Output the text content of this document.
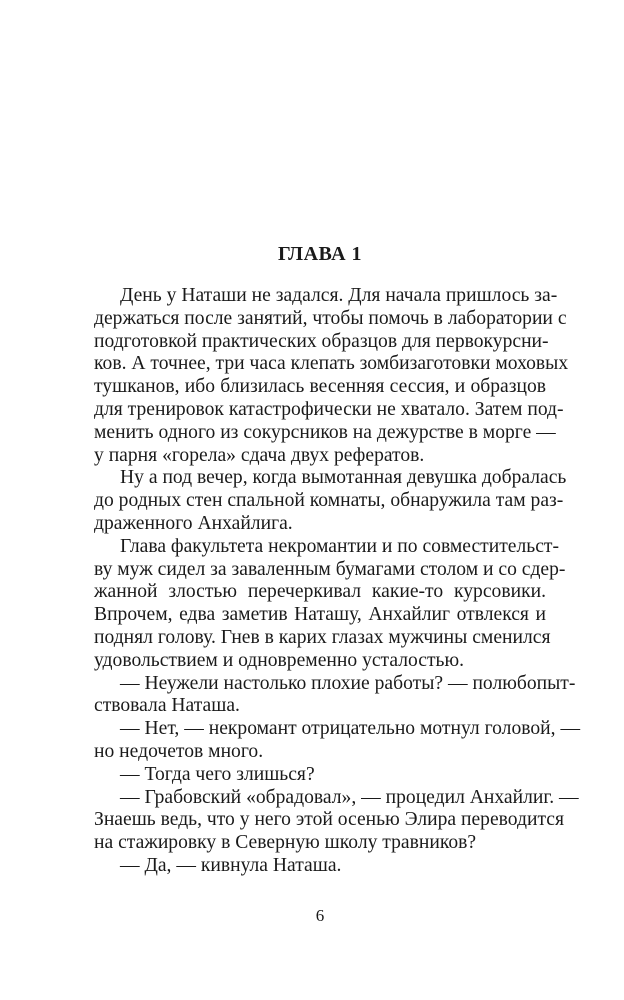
ГЛАВА 1
День у Наташи не задался. Для начала пришлось за-
держаться после занятий, чтобы помочь в лаборатории с
подготовкой практических образцов для первокурсни-
ков. А точнее, три часа клепать зомбизаготовки моховых
тушканов, ибо близилась весенняя сессия, и образцов
для тренировок катастрофически не хватало. Затем под-
менить одного из сокурсников на дежурстве в морге —
у парня «горела» сдача двух рефератов.
Ну а под вечер, когда вымотанная девушка добралась
до родных стен спальной комнаты, обнаружила там раз-
драженного Анхайлига.
Глава факультета некромантии и по совместительст-
ву муж сидел за заваленным бумагами столом и со сдер-
жанной злостью перечеркивал какие-то курсовики.
Впрочем, едва заметив Наташу, Анхайлиг отвлекся и
поднял голову. Гнев в карих глазах мужчины сменился
удовольствием и одновременно усталостью.
— Неужели настолько плохие работы? — полюбопыт-
ствовала Наташа.
— Нет, — некромант отрицательно мотнул головой, —
но недочетов много.
— Тогда чего злишься?
— Грабовский «обрадовал», — процедил Анхайлиг. —
Знаешь ведь, что у него этой осенью Элира переводится
на стажировку в Северную школу травников?
— Да, — кивнула Наташа.
6
